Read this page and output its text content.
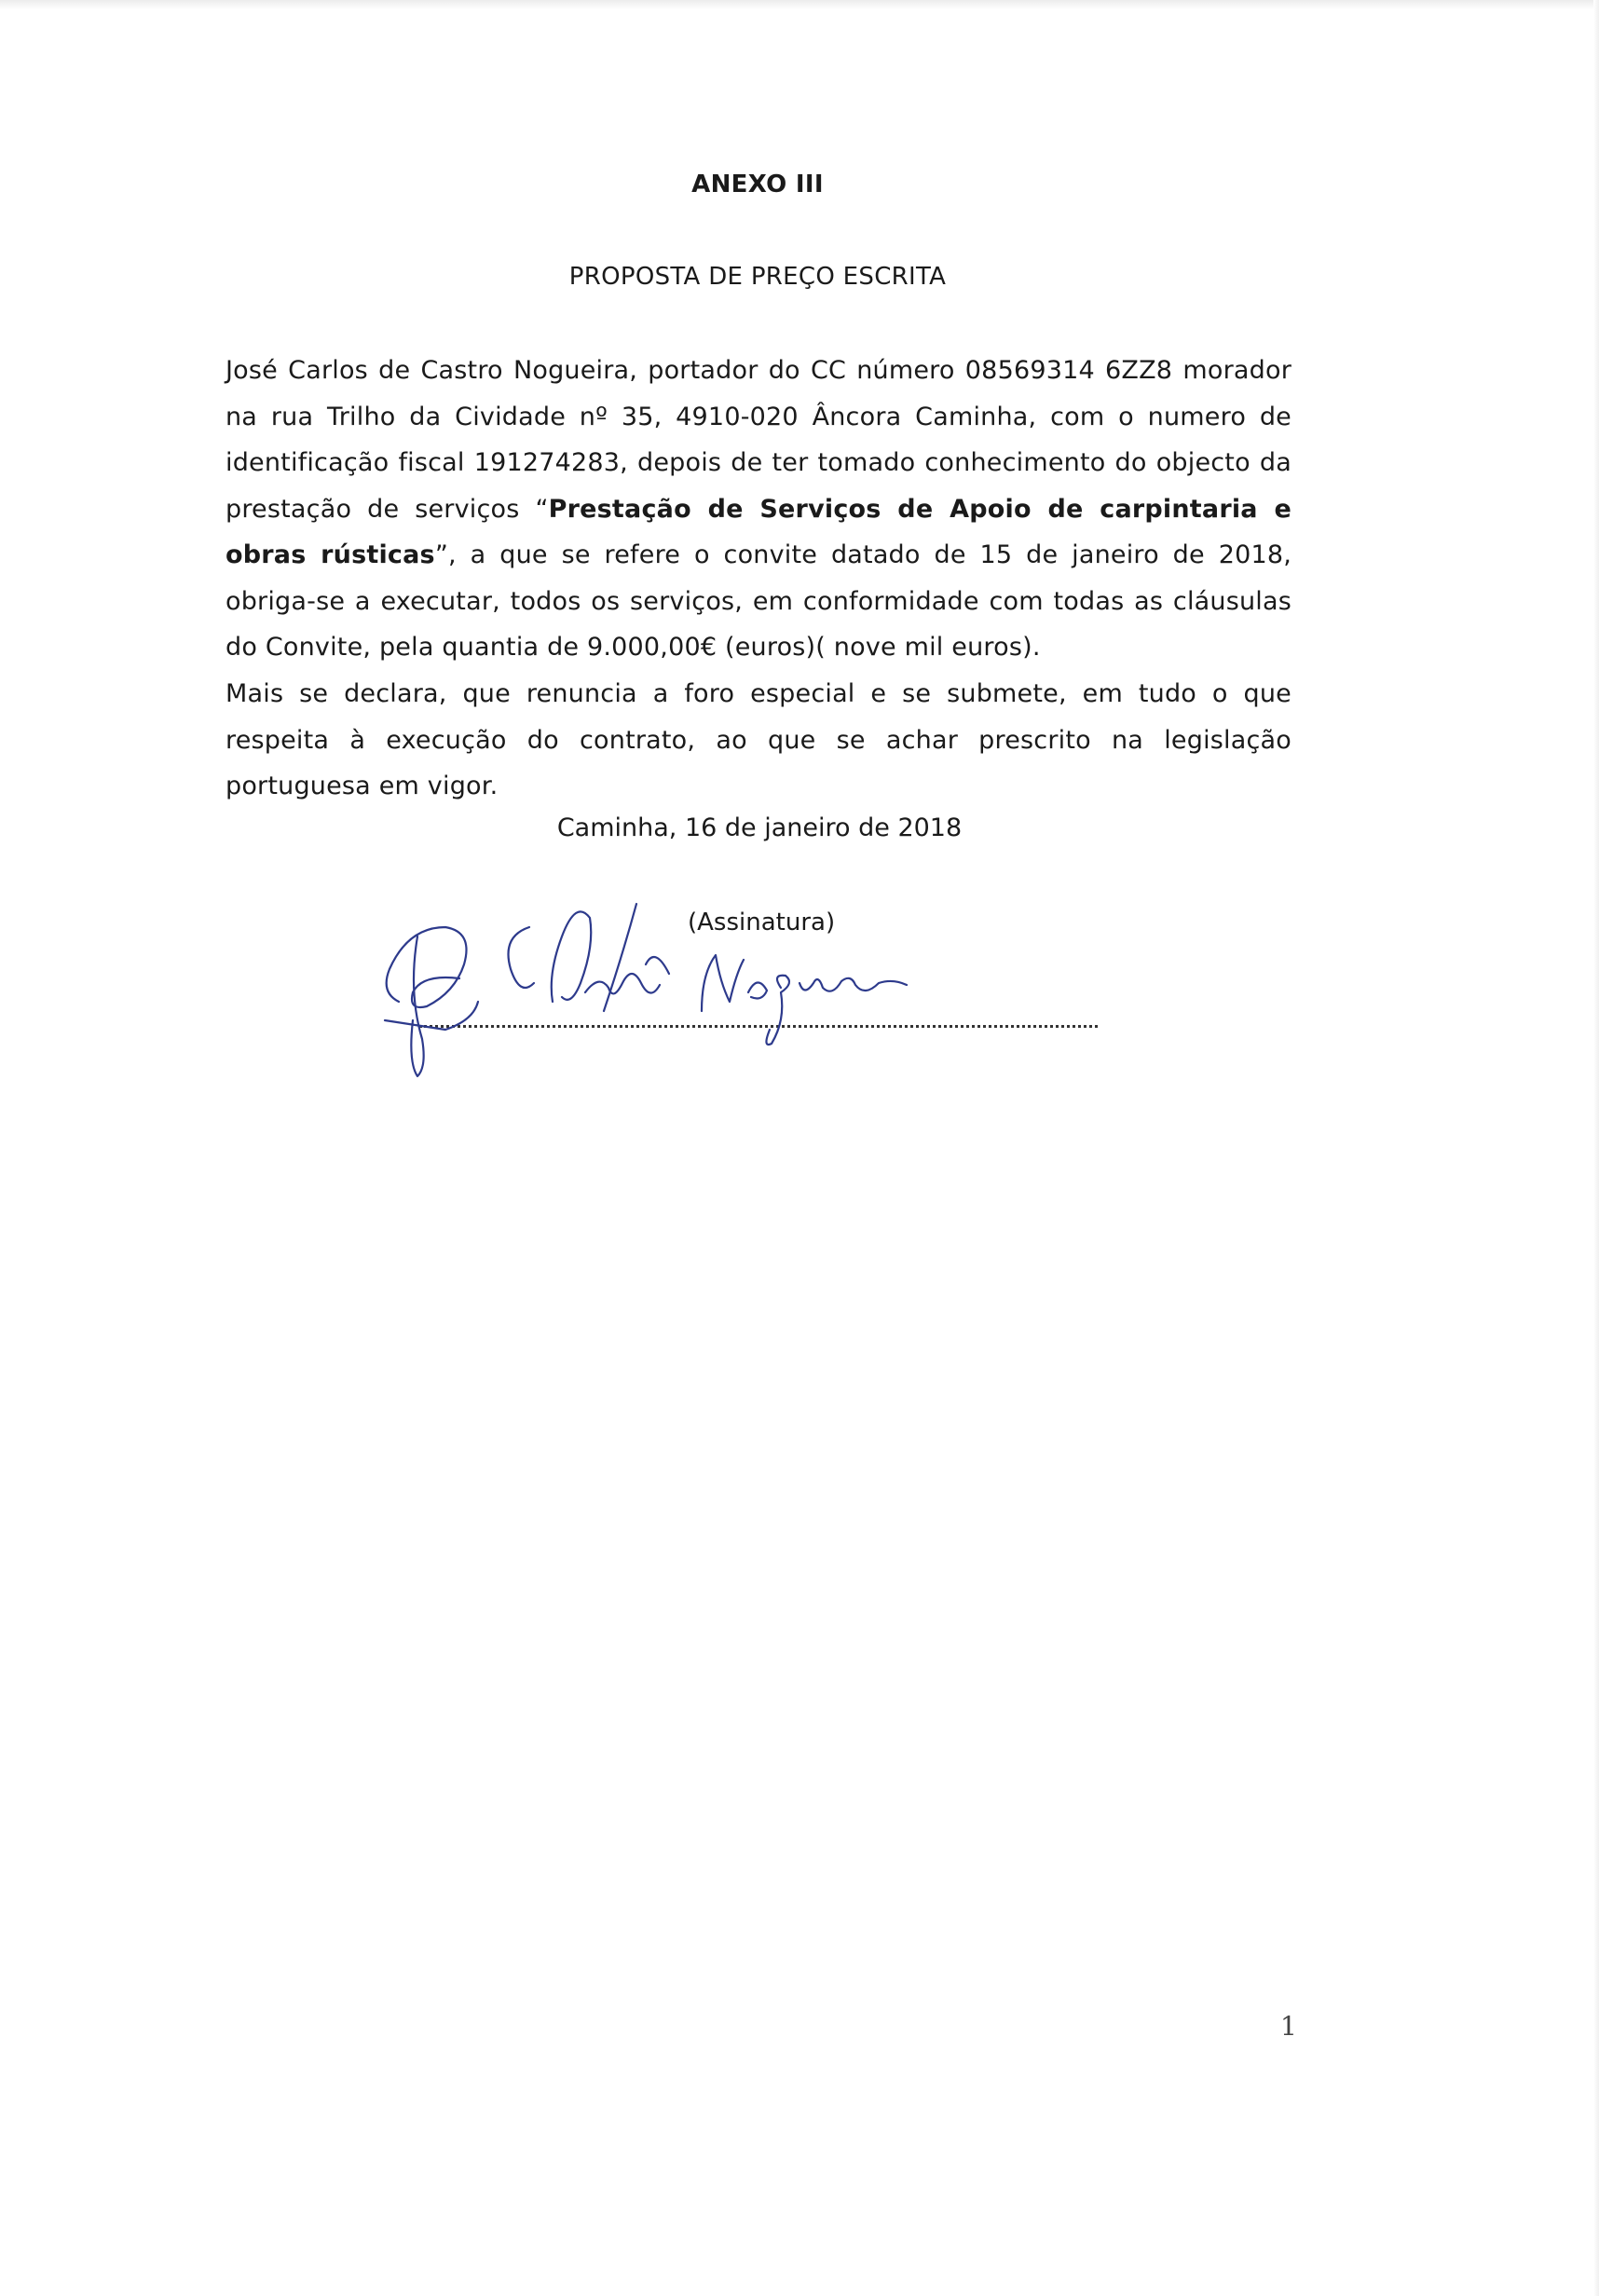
ANEXO III
PROPOSTA DE PREÇO ESCRITA

José Carlos de Castro Nogueira, portador do CC número 08569314 6ZZ8 morador na rua Trilho da Cividade nº 35, 4910-020 Âncora Caminha, com o numero de identificação fiscal 191274283, depois de ter tomado conhecimento do objecto da prestação de serviços “Prestação de Serviços de Apoio de carpintaria e obras rústicas”, a que se refere o convite datado de 15 de janeiro de 2018, obriga-se a executar, todos os serviços, em conformidade com todas as cláusulas do Convite, pela quantia de 9.000,00€ (euros)( nove mil euros).

Mais se declara, que renuncia a foro especial e se submete, em tudo o que respeita à execução do contrato, ao que se achar prescrito na legislação portuguesa em vigor.

Caminha, 16 de janeiro de 2018
(Assinatura)
1
